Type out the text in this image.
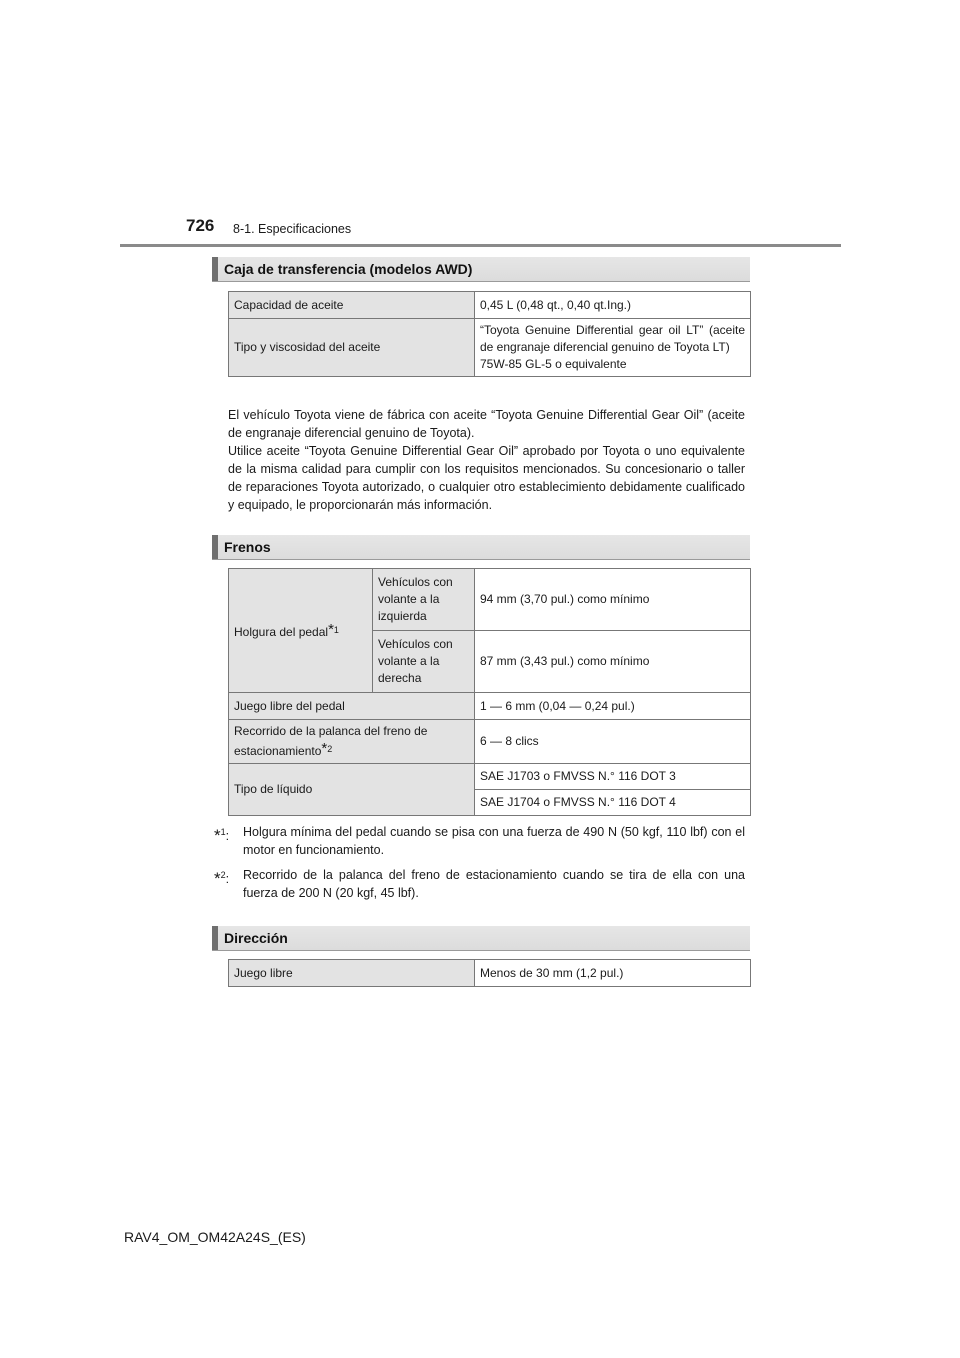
726 8-1. Especificaciones
Caja de transferencia (modelos AWD)
Capacidad de aceite	0,45 L (0,48 qt., 0,40 qt.Ing.)
Tipo y viscosidad del aceite	“Toyota Genuine Differential gear oil LT” (aceite de engranaje diferencial genuino de Toyota LT)
75W-85 GL-5 o equivalente

El vehículo Toyota viene de fábrica con aceite “Toyota Genuine Differential Gear Oil” (aceite de engranaje diferencial genuino de Toyota).
Utilice aceite “Toyota Genuine Differential Gear Oil” aprobado por Toyota o uno equivalente de la misma calidad para cumplir con los requisitos mencionados. Su concesionario o taller de reparaciones Toyota autorizado, o cualquier otro establecimiento debidamente cualificado y equipado, le proporcionarán más información.

Frenos
Holgura del pedal*$^1$	Vehículos con volante a la izquierda	94 mm (3,70 pul.) como mínimo
	Vehículos con volante a la derecha	87 mm (3,43 pul.) como mínimo
Juego libre del pedal		1 — 6 mm (0,04 — 0,24 pul.)
Recorrido de la palanca del freno de estacionamiento*$^2$		6 — 8 clics
Tipo de líquido		SAE J1703 o FMVSS N.° 116 DOT 3
		SAE J1704 o FMVSS N.° 116 DOT 4
*$^1$: Holgura mínima del pedal cuando se pisa con una fuerza de 490 N (50 kgf, 110 lbf) con el motor en funcionamiento.
*$^2$: Recorrido de la palanca del freno de estacionamiento cuando se tira de ella con una fuerza de 200 N (20 kgf, 45 lbf).
Dirección
Juego libre	Menos de 30 mm (1,2 pul.)
RAV4_OM_OM42A24S_(ES)
